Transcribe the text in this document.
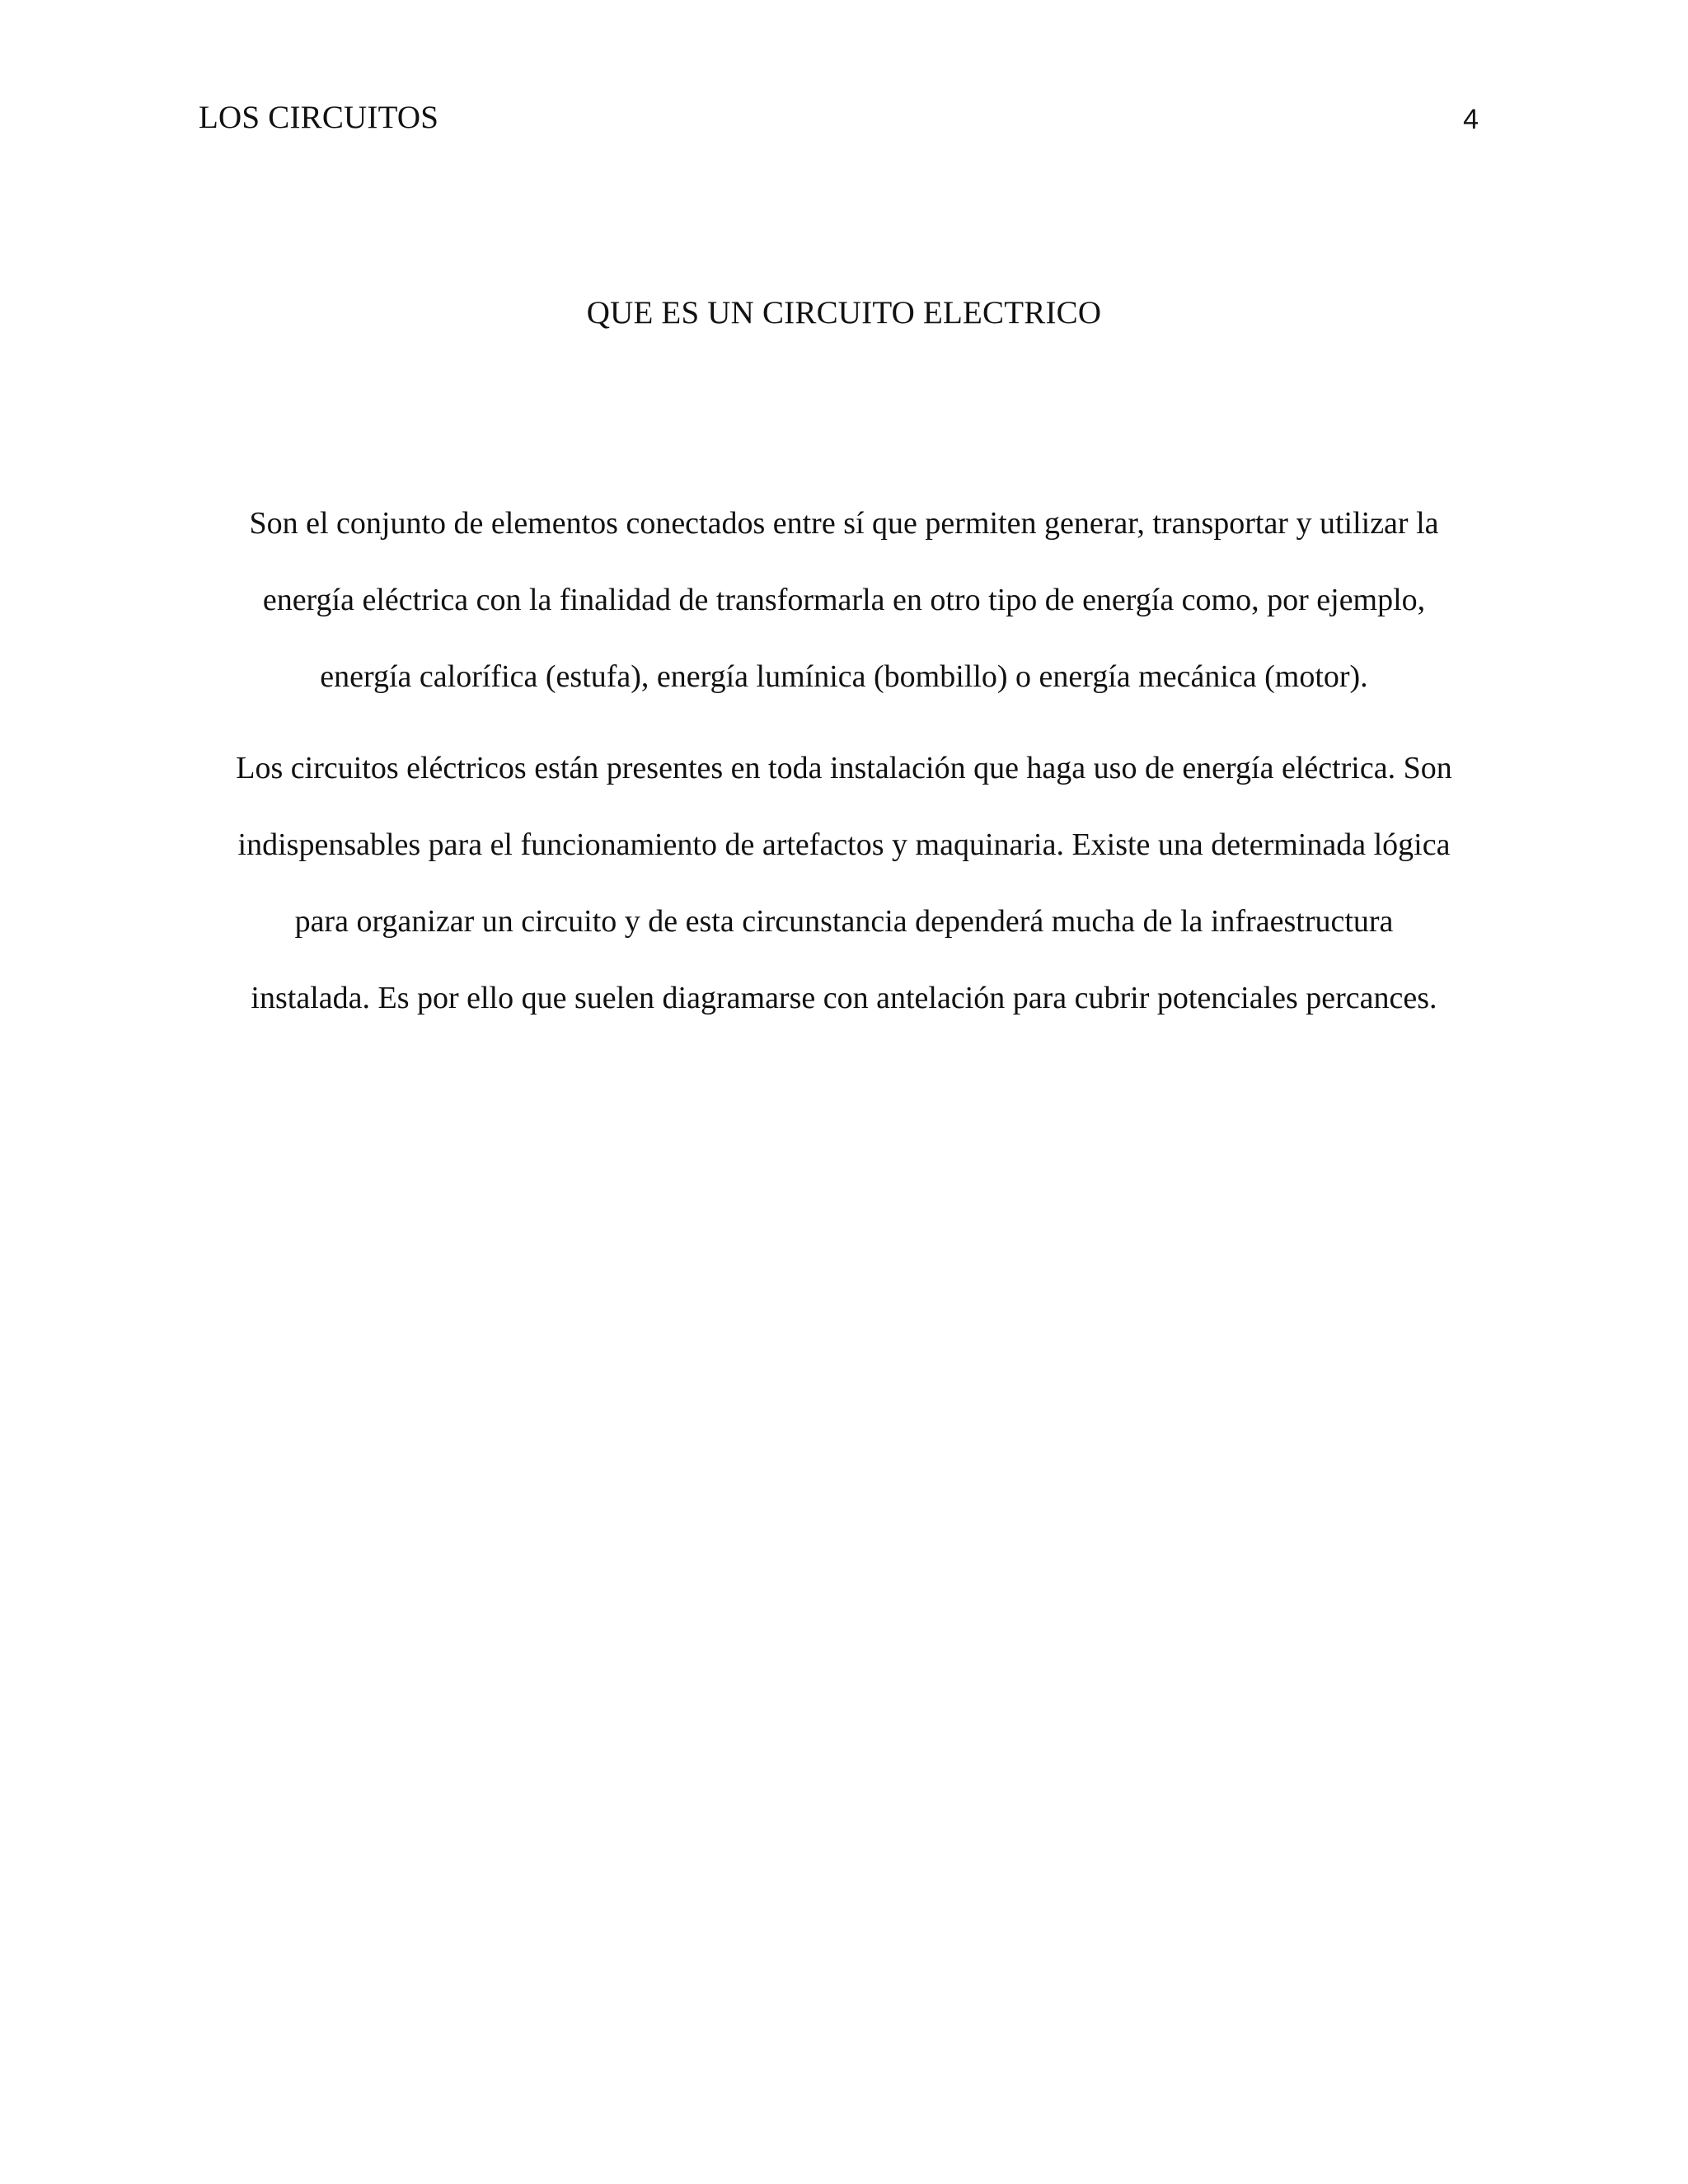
LOS CIRCUITOS	4
QUE ES UN CIRCUITO ELECTRICO
Son el conjunto de elementos conectados entre sí que permiten generar, transportar y utilizar la
energía eléctrica con la finalidad de transformarla en otro tipo de energía como, por ejemplo,
energía calorífica (estufa), energía lumínica (bombillo) o energía mecánica (motor).
Los circuitos eléctricos están presentes en toda instalación que haga uso de energía eléctrica. Son
indispensables para el funcionamiento de artefactos y maquinaria. Existe una determinada lógica
para organizar un circuito y de esta circunstancia dependerá mucha de la infraestructura
instalada. Es por ello que suelen diagramarse con antelación para cubrir potenciales percances.
